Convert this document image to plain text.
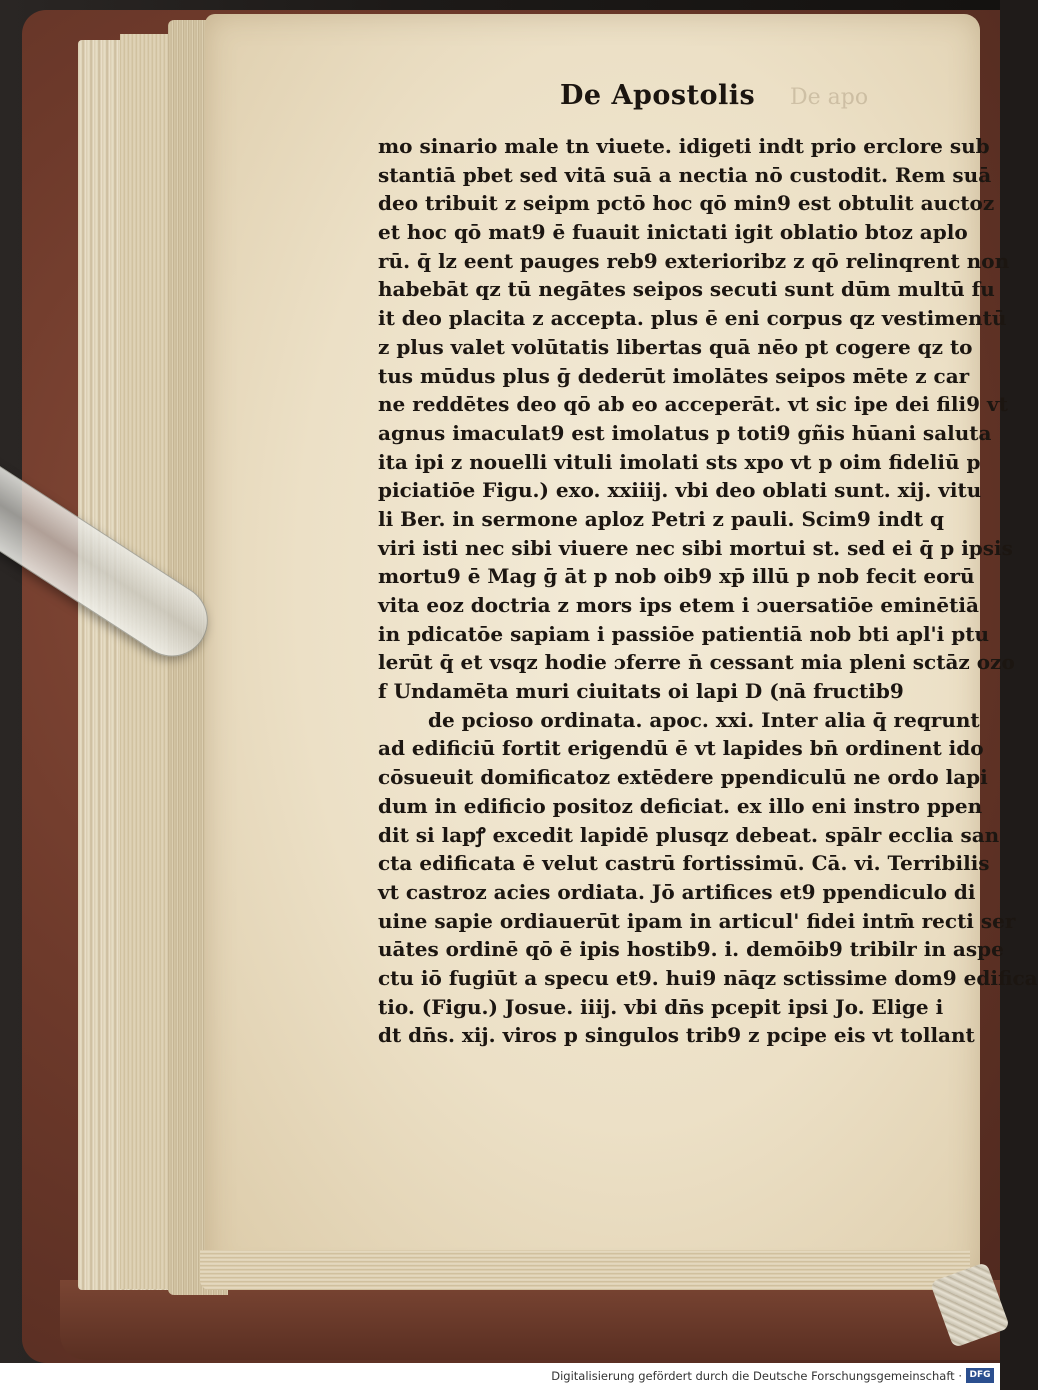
De apo
De Apostolis
mo sinario male tn viuete. idigeti indt prio erclore sub
stantiā pbet sed vitā suā a nectia nō custodit. Rem suā
deo tribuit z seipm pctō hoc qō min9 est obtulit auctoz
et hoc qō mat9 ē fuauit inictati igit oblatio btoz aplo
rū. q̄ lz eent pauges reb9 exterioribz z qō relinqrent non
habebāt qz tū negātes seipos secuti sunt dūm multū fu
it deo placita z accepta. plus ē eni corpus qz vestimentū
z plus valet volūtatis libertas quā nēo pt cogere qz to
tus mūdus plus ḡ dederūt imolātes seipos mēte z car
ne reddētes deo qō ab eo acceperāt. vt sic ipe dei fili9 vt
agnus imaculat9 est imolatus p toti9 gñis hūani saluta
ita ipi z nouelli vituli imolati sts xpo vt p oim fideliū p
piciatiōe Figu.) exo. xxiiij. vbi deo oblati sunt. xij. vitu
li Ber. in sermone aploz Petri z pauli. Scim9 indt q
viri isti nec sibi viuere nec sibi mortui st. sed ei q̄ p ipsis
mortu9 ē Mag ḡ āt p nob oib9 xp̄ illū p nob fecit eorū
vita eoz doctria z mors ips etem i ɔuersatiōe eminētiā
in pdicatōe sapiam i passiōe patientiā nob bti apl'i ptu
lerūt q̄ et vsqz hodie ɔferre n̄ cessant mia pleni sctāz ozo
f Undamēta muri ciuitats oi lapi D (nā fructib9
de pcioso ordinata. apoc. xxi. Inter alia q̄ reqrunt
ad edificiū fortit erigendū ē vt lapides bn̄ ordinent ido
cōsueuit domificatoz extēdere ppendiculū ne ordo lapi
dum in edificio positoz deficiat. ex illo eni instro ppen
dit si lapꝭ excedit lapidē plusqz debeat. spālr ecclia san
cta edificata ē velut castrū fortissimū. Cā. vi. Terribilis
vt castroz acies ordiata. Jō artifices et9 ppendiculo di
uine sapie ordiauerūt ipam in articul' fidei intm̄ recti ser
uātes ordinē qō ē ipis hostib9. i. demōib9 tribilr in aspe
ctu iō fugiūt a specu et9. hui9 nāqz sctissime dom9 edifica
tio. (Figu.) Josue. iiij. vbi dn̄s pcepit ipsi Jo. Elige i
dt dn̄s. xij. viros p singulos trib9 z pcipe eis vt tollant
Digitalisierung gefördert durch die Deutsche Forschungsgemeinschaft · DFG
